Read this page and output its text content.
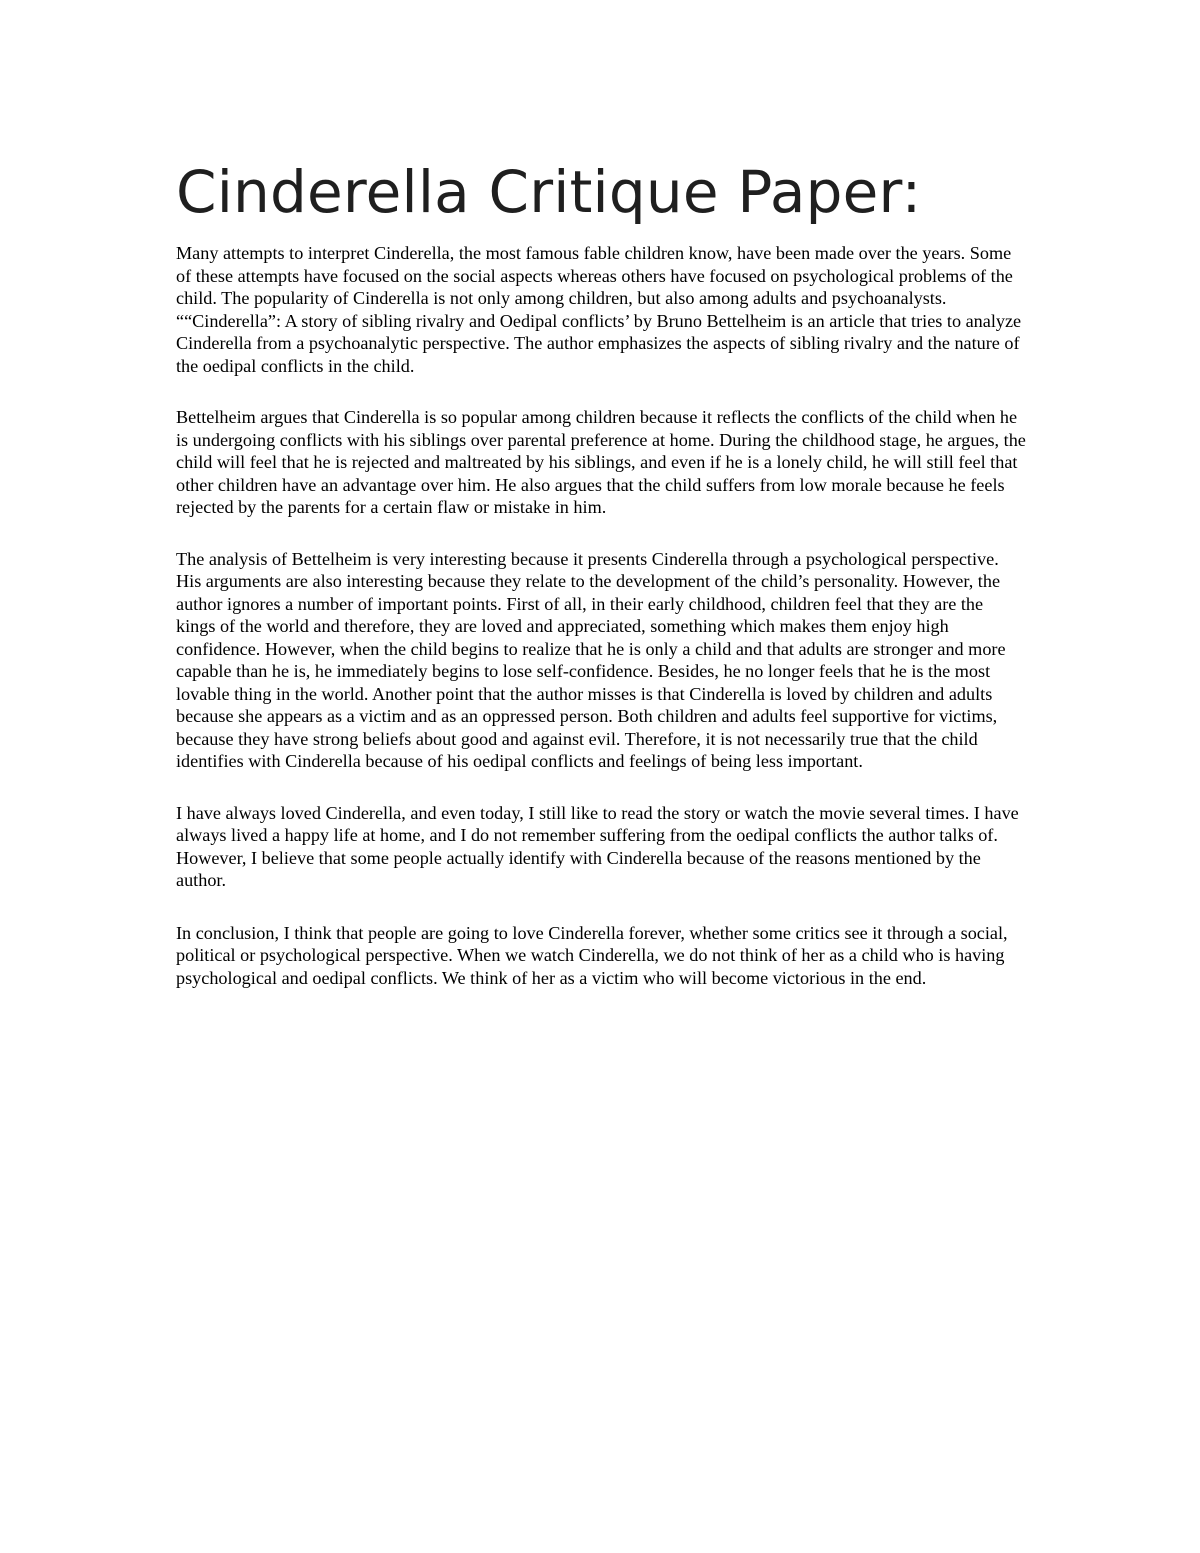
Cinderella Critique Paper:

Many attempts to interpret Cinderella, the most famous fable children know, have been made over the years. Some of these attempts have focused on the social aspects whereas others have focused on psychological problems of the child. The popularity of Cinderella is not only among children, but also among adults and psychoanalysts. ““Cinderella”: A story of sibling rivalry and Oedipal conflicts’ by Bruno Bettelheim is an article that tries to analyze Cinderella from a psychoanalytic perspective. The author emphasizes the aspects of sibling rivalry and the nature of the oedipal conflicts in the child.

Bettelheim argues that Cinderella is so popular among children because it reflects the conflicts of the child when he is undergoing conflicts with his siblings over parental preference at home. During the childhood stage, he argues, the child will feel that he is rejected and maltreated by his siblings, and even if he is a lonely child, he will still feel that other children have an advantage over him. He also argues that the child suffers from low morale because he feels rejected by the parents for a certain flaw or mistake in him.

The analysis of Bettelheim is very interesting because it presents Cinderella through a psychological perspective. His arguments are also interesting because they relate to the development of the child’s personality. However, the author ignores a number of important points. First of all, in their early childhood, children feel that they are the kings of the world and therefore, they are loved and appreciated, something which makes them enjoy high confidence. However, when the child begins to realize that he is only a child and that adults are stronger and more capable than he is, he immediately begins to lose self-confidence. Besides, he no longer feels that he is the most lovable thing in the world. Another point that the author misses is that Cinderella is loved by children and adults because she appears as a victim and as an oppressed person. Both children and adults feel supportive for victims, because they have strong beliefs about good and against evil. Therefore, it is not necessarily true that the child identifies with Cinderella because of his oedipal conflicts and feelings of being less important.

I have always loved Cinderella, and even today, I still like to read the story or watch the movie several times. I have always lived a happy life at home, and I do not remember suffering from the oedipal conflicts the author talks of. However, I believe that some people actually identify with Cinderella because of the reasons mentioned by the author.

In conclusion, I think that people are going to love Cinderella forever, whether some critics see it through a social, political or psychological perspective. When we watch Cinderella, we do not think of her as a child who is having psychological and oedipal conflicts. We think of her as a victim who will become victorious in the end.
